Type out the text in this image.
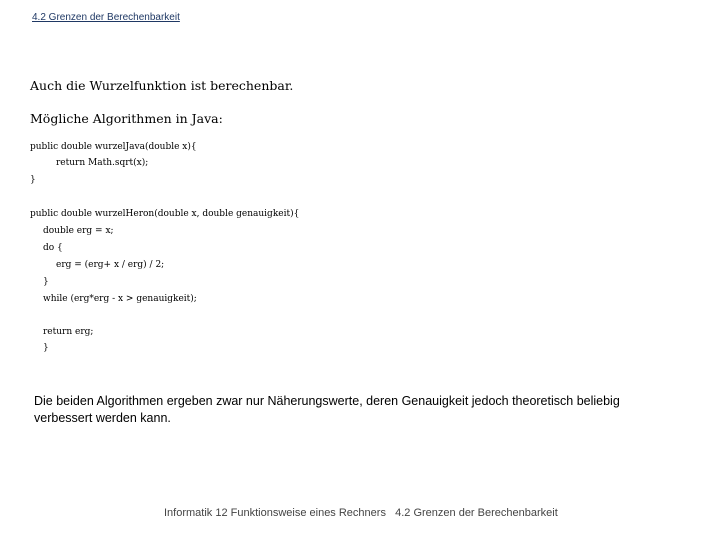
4.2 Grenzen der Berechenbarkeit
Auch die Wurzelfunktion ist berechenbar.
Mögliche Algorithmen in Java:
public double wurzelJava(double x){
return Math.sqrt(x);
}
public double wurzelHeron(double x, double genauigkeit){
double erg = x;
do {
erg = (erg+ x / erg) / 2;
}
while (erg*erg - x > genauigkeit);
return erg;
}
Die beiden Algorithmen ergeben zwar nur Näherungswerte, deren Genauigkeit jedoch theoretisch beliebig verbessert werden kann.
Informatik 12 Funktionsweise eines Rechners   4.2 Grenzen der Berechenbarkeit
